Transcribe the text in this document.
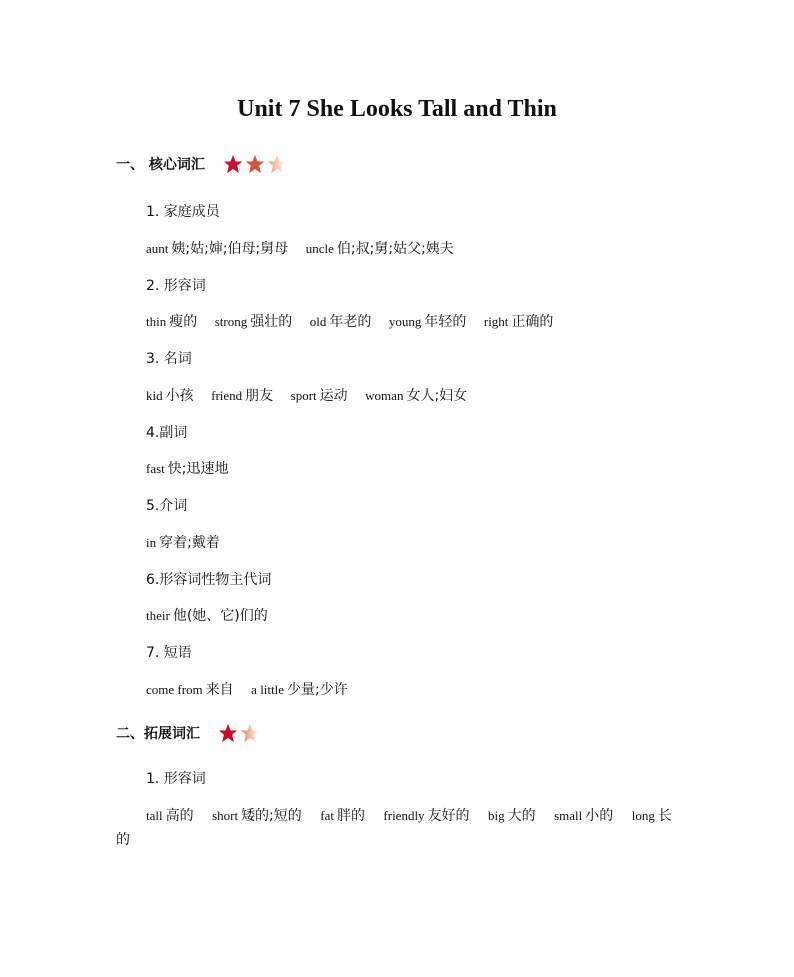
Unit 7 She Looks Tall and Thin
一、 核心词汇
1. 家庭成员
aunt 姨;姑;婶;伯母;舅母 uncle 伯;叔;舅;姑父;姨夫
2. 形容词
thin 瘦的 strong 强壮的 old 年老的 young 年轻的 right 正确的
3. 名词
kid 小孩 friend 朋友 sport 运动 woman 女人;妇女
4.副词
fast 快;迅速地
5.介词
in 穿着;戴着
6.形容词性物主代词
their 他(她、它)们的
7. 短语
come from 来自 a little 少量;少许
二、拓展词汇
1. 形容词
tall 高的 short 矮的;短的 fat 胖的 friendly 友好的 big 大的 small 小的 long 长的
